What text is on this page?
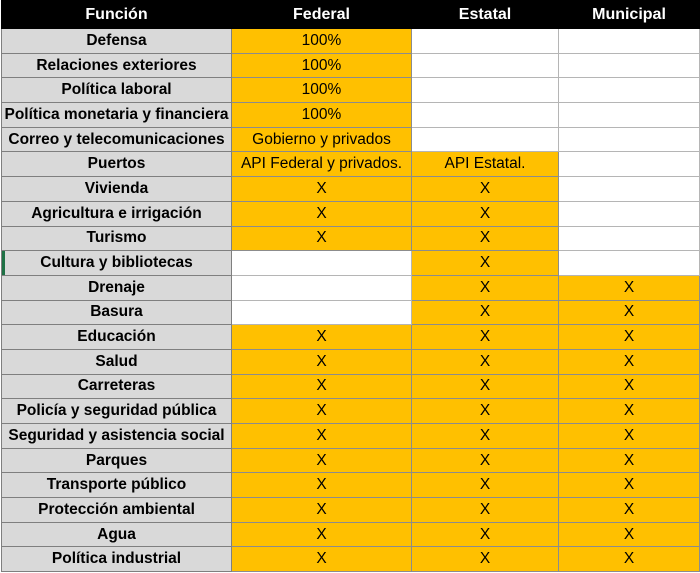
Función	Federal	Estatal	Municipal
Defensa	100%		
Relaciones exteriores	100%		
Política laboral	100%		
Política monetaria y financiera	100%		
Correo y telecomunicaciones	Gobierno y privados		
Puertos	API Federal y privados.	API Estatal.	
Vivienda	X	X	
Agricultura e irrigación	X	X	
Turismo	X	X	
Cultura y bibliotecas		X	
Drenaje		X	X
Basura		X	X
Educación	X	X	X
Salud	X	X	X
Carreteras	X	X	X
Policía y seguridad pública	X	X	X
Seguridad y asistencia social	X	X	X
Parques	X	X	X
Transporte público	X	X	X
Protección ambiental	X	X	X
Agua	X	X	X
Política industrial	X	X	X
